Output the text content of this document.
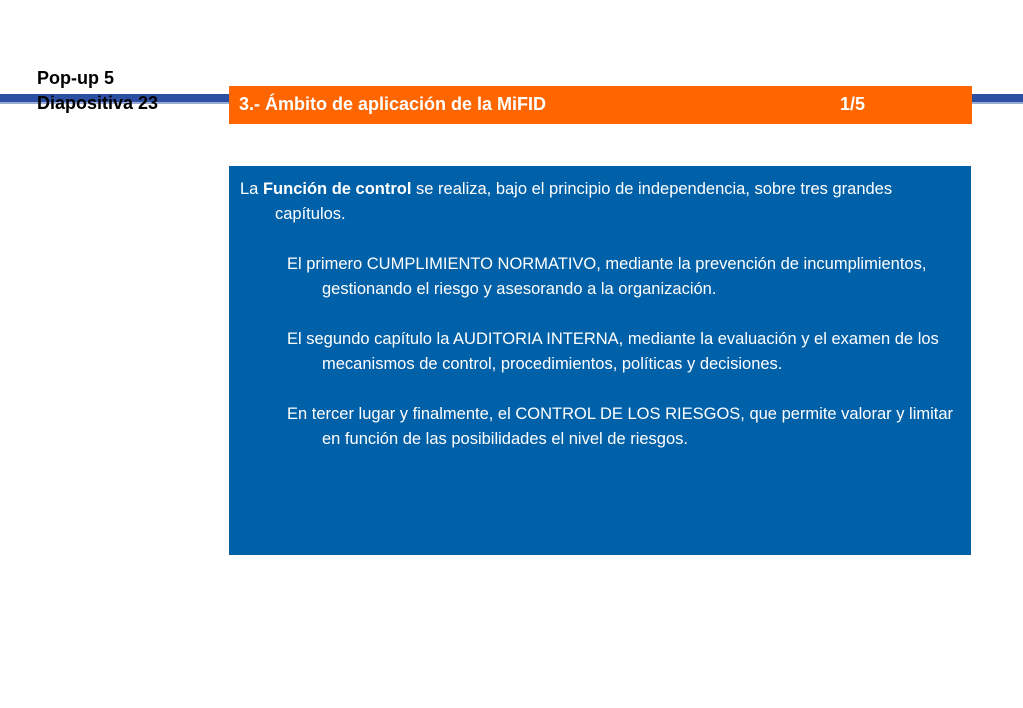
Pop-up 5
Diapositiva 23	3.- Ámbito de aplicación de la MiFID	1/5

La Función de control se realiza, bajo el principio de independencia, sobre tres grandes capítulos.

El primero CUMPLIMIENTO NORMATIVO, mediante la prevención de incumplimientos, gestionando el riesgo y asesorando a la organización.

El segundo capítulo la AUDITORIA INTERNA, mediante la evaluación y el examen de los mecanismos de control, procedimientos, políticas y decisiones.

En tercer lugar y finalmente, el CONTROL DE LOS RIESGOS, que permite valorar y limitar en función de las posibilidades el nivel de riesgos.
